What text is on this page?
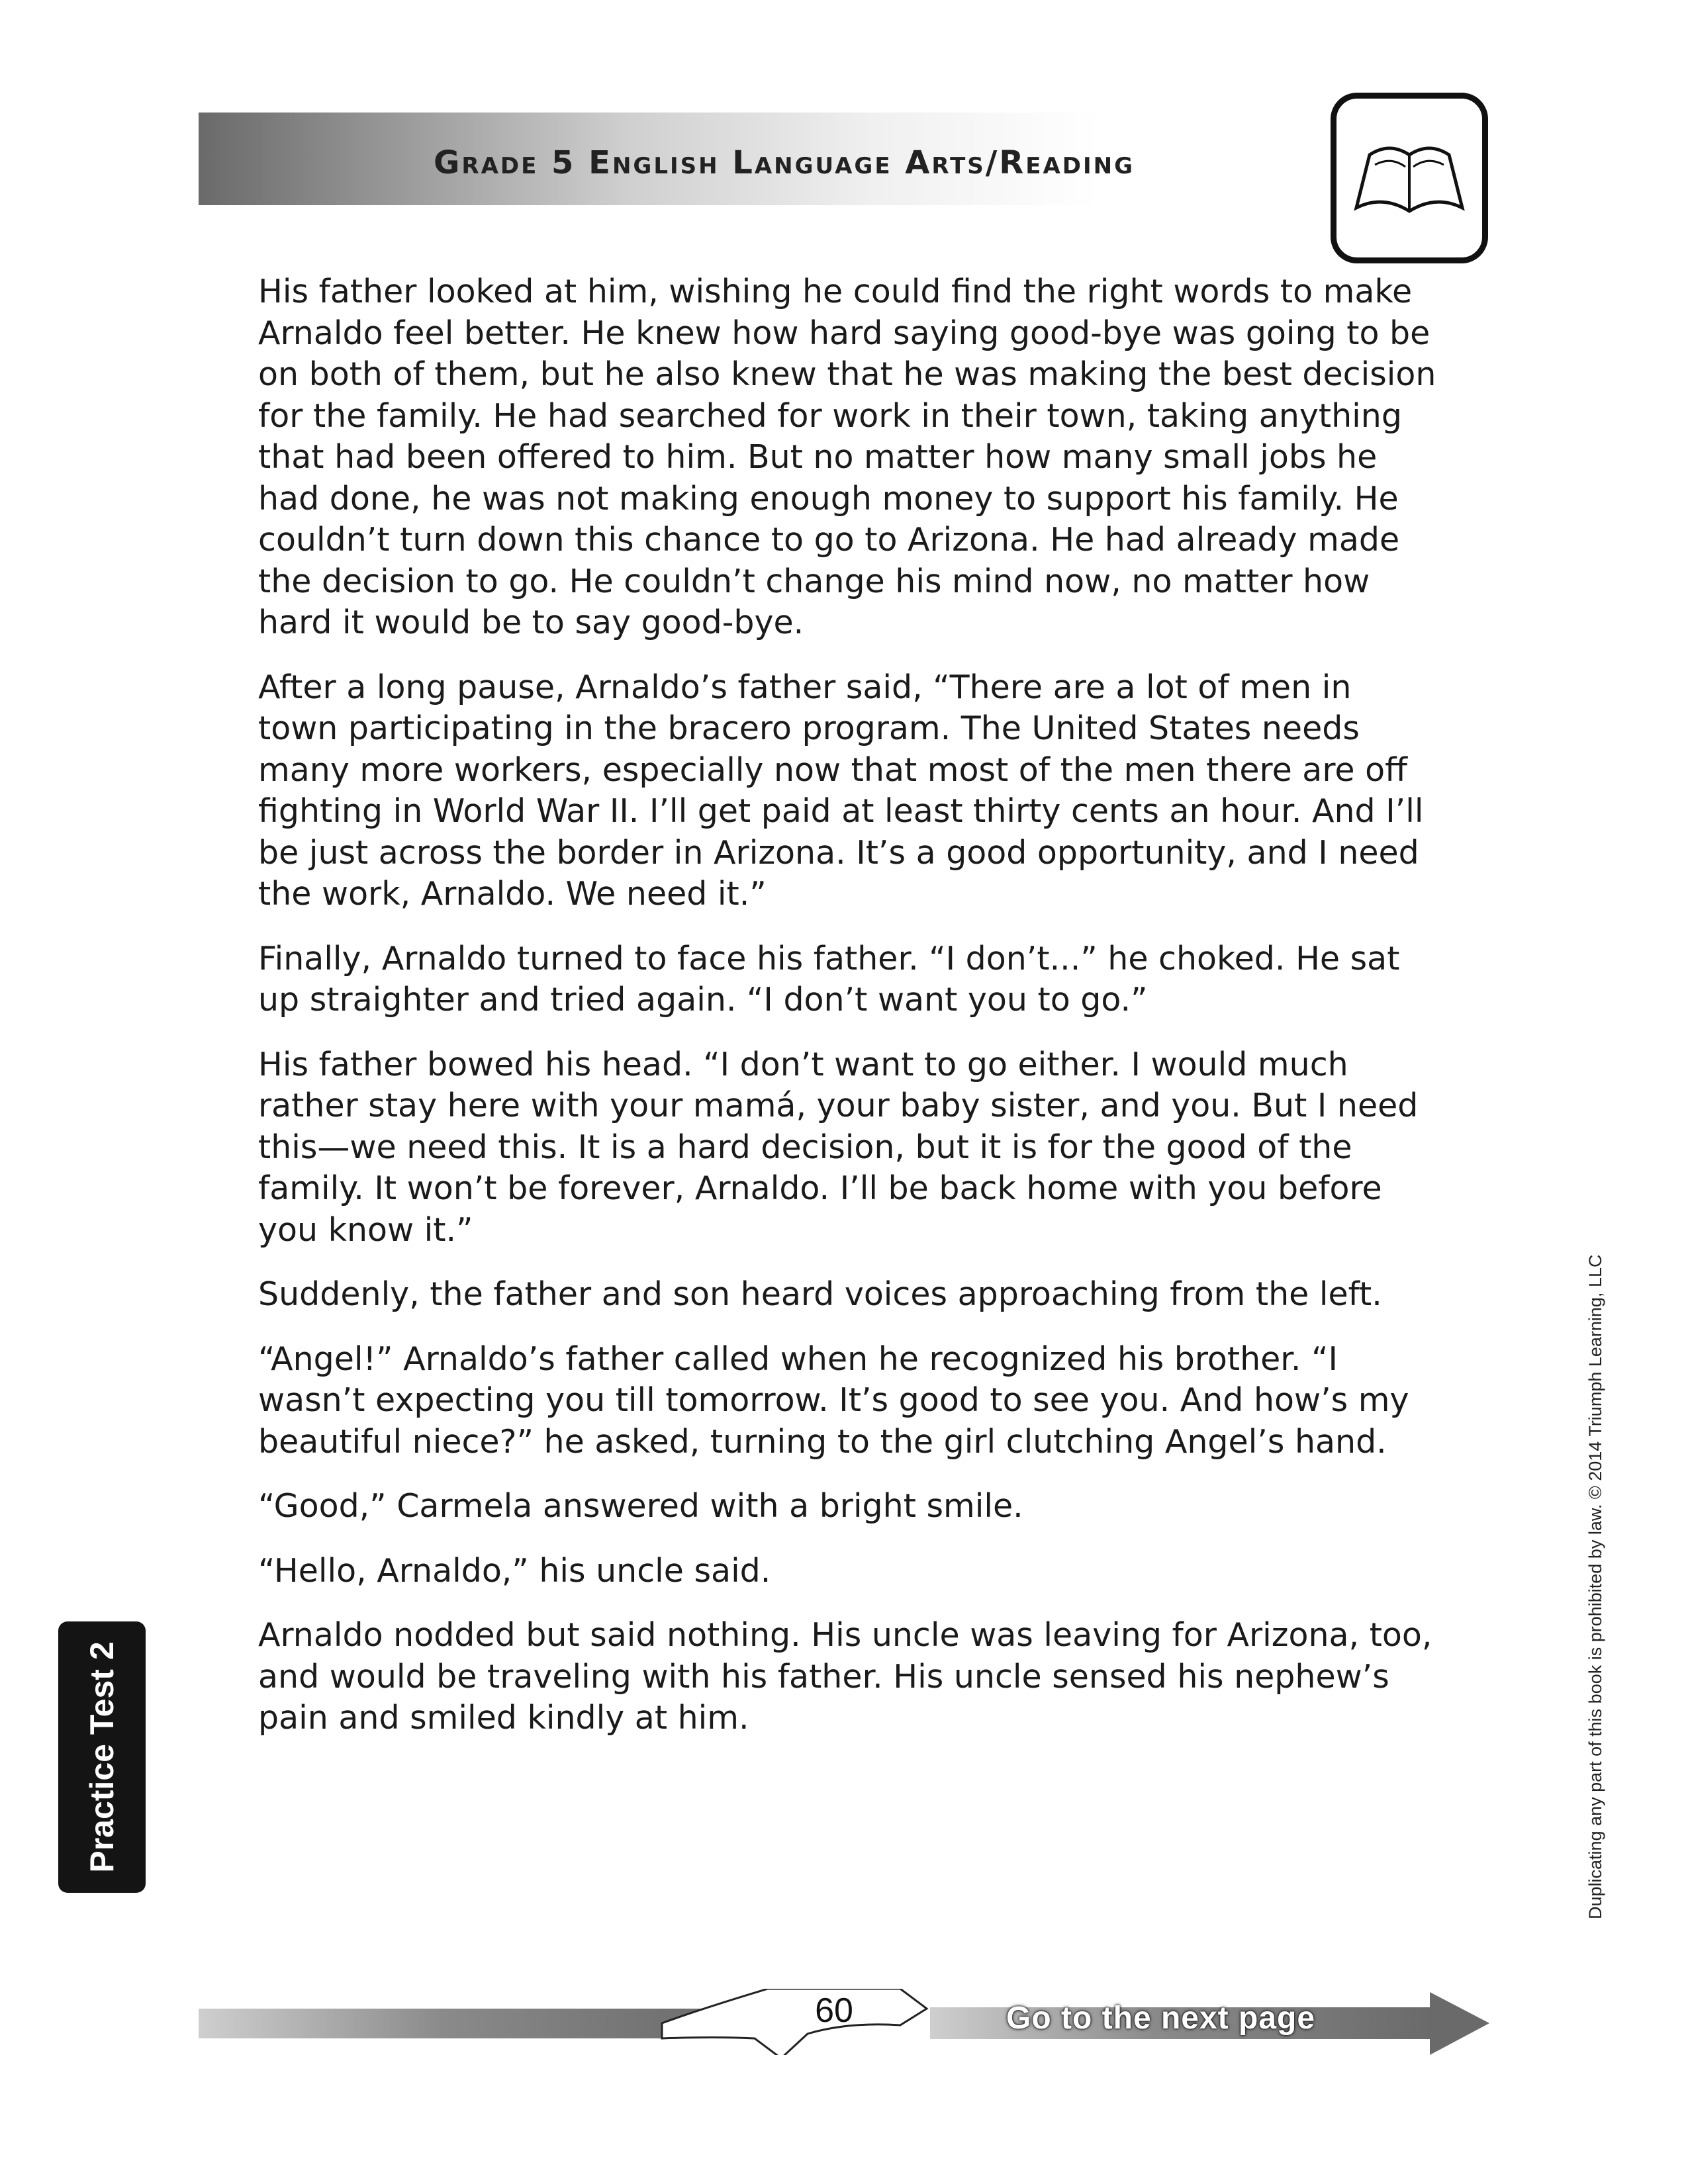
Grade 5 English Language Arts/Reading

His father looked at him, wishing he could find the right words to make Arnaldo feel better. He knew how hard saying good-bye was going to be on both of them, but he also knew that he was making the best decision for the family. He had searched for work in their town, taking anything that had been offered to him. But no matter how many small jobs he had done, he was not making enough money to support his family. He couldn’t turn down this chance to go to Arizona. He had already made the decision to go. He couldn’t change his mind now, no matter how hard it would be to say good-bye.

After a long pause, Arnaldo’s father said, “There are a lot of men in town participating in the bracero program. The United States needs many more workers, especially now that most of the men there are off fighting in World War II. I’ll get paid at least thirty cents an hour. And I’ll be just across the border in Arizona. It’s a good opportunity, and I need the work, Arnaldo. We need it.”

Finally, Arnaldo turned to face his father. “I don’t...” he choked. He sat up straighter and tried again. “I don’t want you to go.”

His father bowed his head. “I don’t want to go either. I would much rather stay here with your mamá, your baby sister, and you. But I need this—we need this. It is a hard decision, but it is for the good of the family. It won’t be forever, Arnaldo. I’ll be back home with you before you know it.”

Suddenly, the father and son heard voices approaching from the left.

“Angel!” Arnaldo’s father called when he recognized his brother. “I wasn’t expecting you till tomorrow. It’s good to see you. And how’s my beautiful niece?” he asked, turning to the girl clutching Angel’s hand.

“Good,” Carmela answered with a bright smile.

“Hello, Arnaldo,” his uncle said.

Arnaldo nodded but said nothing. His uncle was leaving for Arizona, too, and would be traveling with his father. His uncle sensed his nephew’s pain and smiled kindly at him.

Practice Test 2	Duplicating any part of this book is prohibited by law. © 2014 Triumph Learning, LLC
60	Go to the next page
